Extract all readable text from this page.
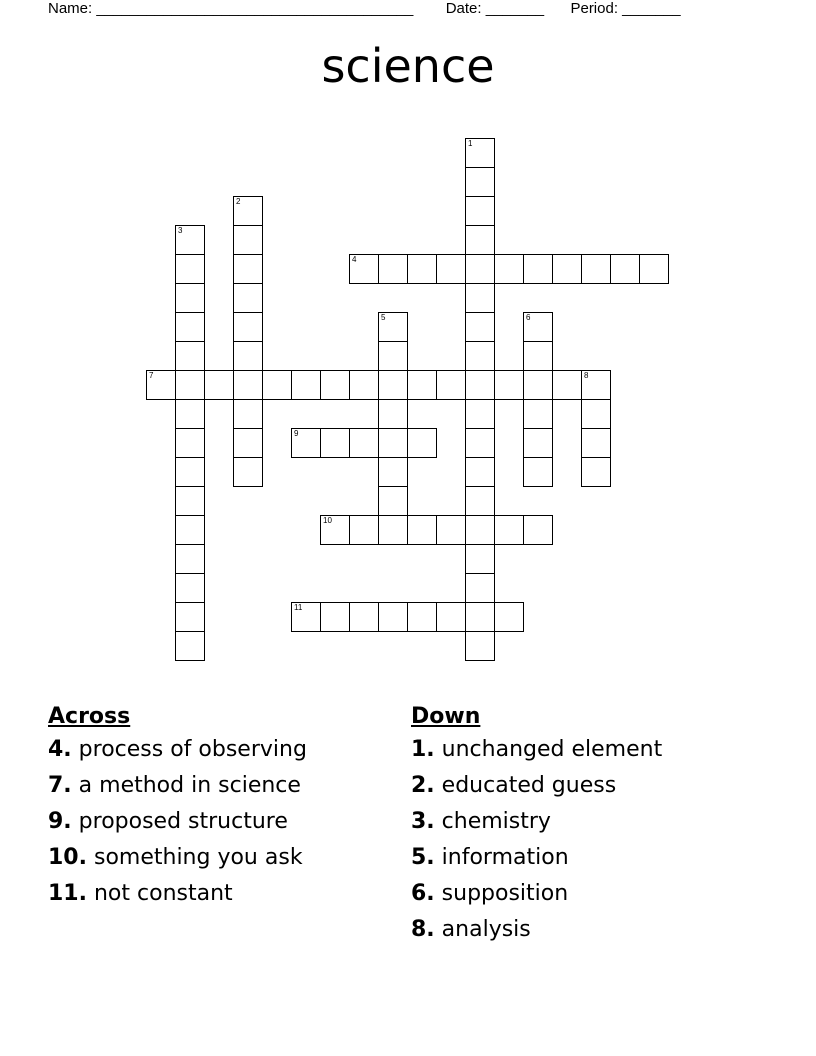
Name: ______________________________________ Date: _______ Period: _______
science
1
2
3
4
5	6
7	8
9
10
11
Across
4. process of observing
7. a method in science
9. proposed structure
10. something you ask
11. not constant
Down
1. unchanged element
2. educated guess
3. chemistry
5. information
6. supposition
8. analysis
